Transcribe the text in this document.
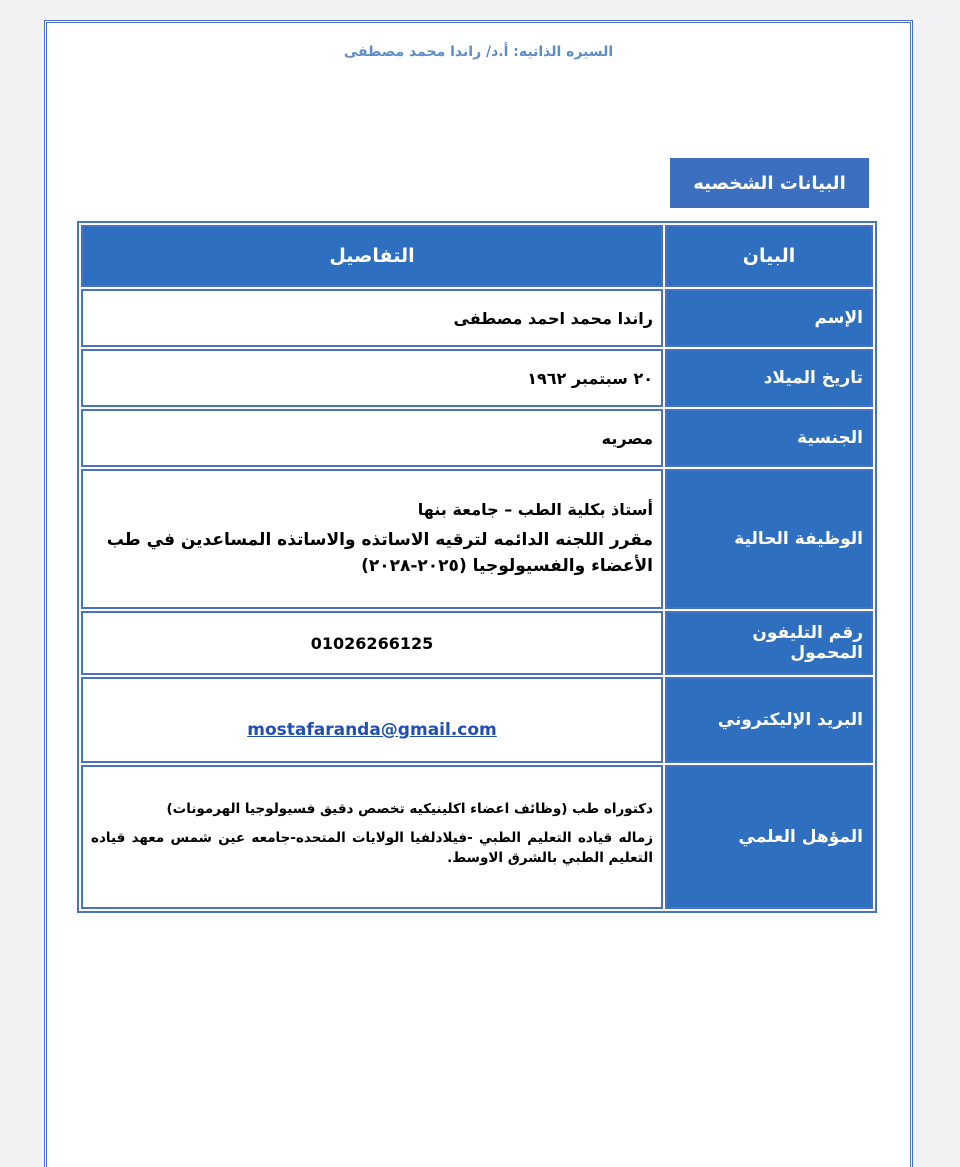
السيره الذاتيه: أ.د/ راندا محمد مصطفى
البيانات الشخصيه
البيان	التفاصيل
الإسم	راندا محمد احمد مصطفى
تاريخ الميلاد	٢٠ سبتمبر ١٩٦٢
الجنسية	مصريه
الوظيفة الحالية	أستاذ بكلية الطب – جامعة بنها

مقرر اللجنه الدائمه لترقيه الاساتذه والاساتذه المساعدين في طب الأعضاء والفسيولوجيا (٢٠٢٥-٢٠٢٨)

رقم التليفون المحمول	01026266125
البريد الإليكتروني	mostafaranda@gmail.com
المؤهل العلمي	دكتوراه طب (وظائف اعضاء اكلينيكيه تخصص دقيق فسيولوجيا الهرمونات)

زماله قياده التعليم الطبي -فيلادلفيا الولايات المتحده-جامعه عين شمس معهد قياده التعليم الطبي بالشرق الاوسط.
